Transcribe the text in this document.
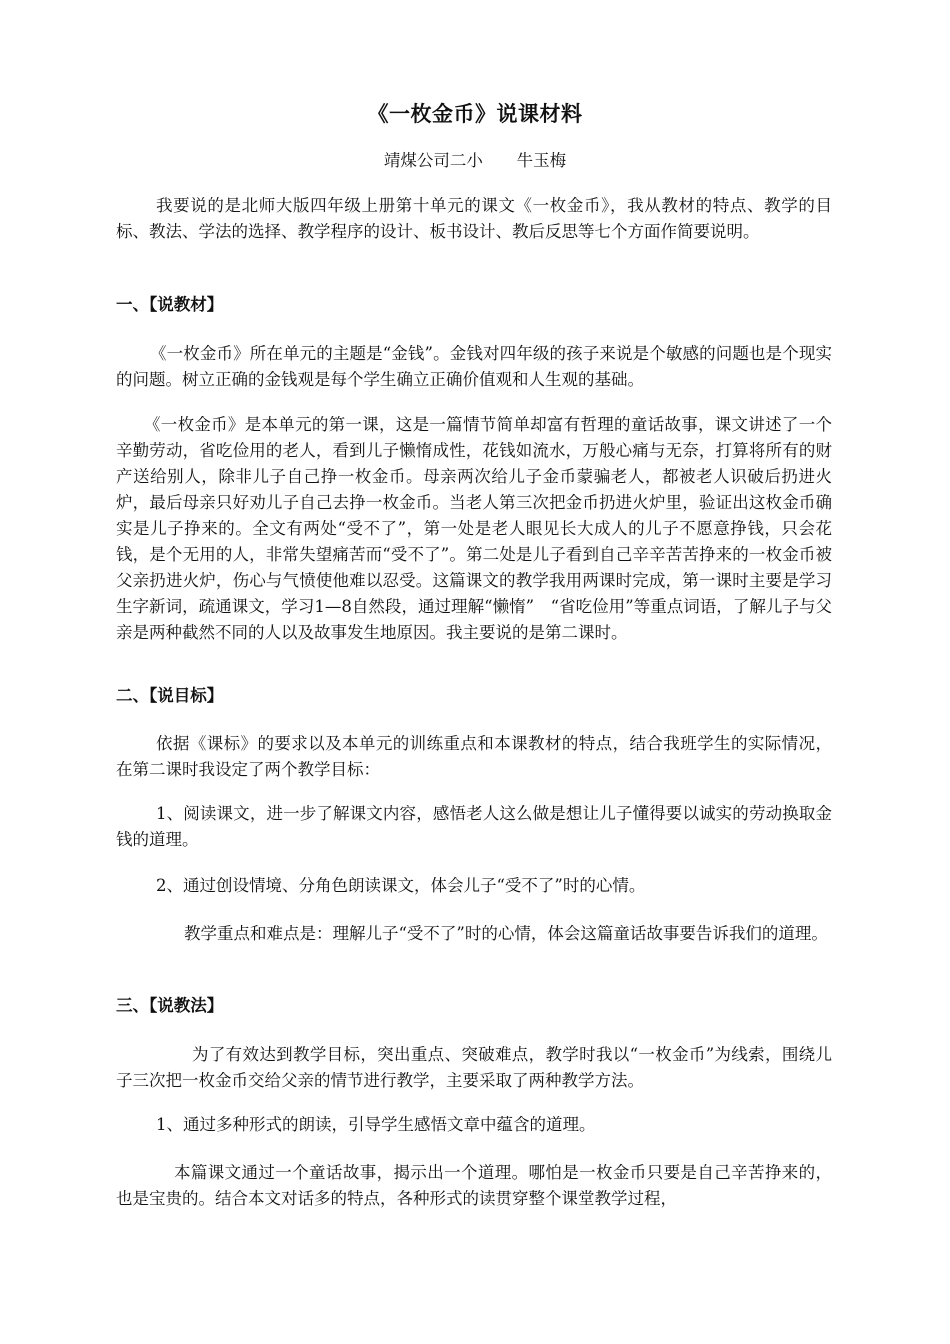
《一枚金币》说课材料
靖煤公司二小   牛玉梅
我要说的是北师大版四年级上册第十单元的课文《一枚金币》，我从教材的特点、教学的目标、教法、学法的选择、教学程序的设计、板书设计、教后反思等七个方面作简要说明。
一、【说教材】
《一枚金币》所在单元的主题是“金钱”。金钱对四年级的孩子来说是个敏感的问题也是个现实的问题。树立正确的金钱观是每个学生确立正确价值观和人生观的基础。
《一枚金币》是本单元的第一课，这是一篇情节简单却富有哲理的童话故事，课文讲述了一个辛勤劳动，省吃俭用的老人，看到儿子懒惰成性，花钱如流水，万般心痛与无奈，打算将所有的财产送给别人，除非儿子自己挣一枚金币。母亲两次给儿子金币蒙骗老人，都被老人识破后扔进火炉，最后母亲只好劝儿子自己去挣一枚金币。当老人第三次把金币扔进火炉里，验证出这枚金币确实是儿子挣来的。全文有两处“受不了”，第一处是老人眼见长大成人的儿子不愿意挣钱，只会花钱，是个无用的人，非常失望痛苦而“受不了”。第二处是儿子看到自己辛辛苦苦挣来的一枚金币被父亲扔进火炉，伤心与气愤使他难以忍受。这篇课文的教学我用两课时完成，第一课时主要是学习生字新词，疏通课文，学习1—8自然段，通过理解“懒惰”　“省吃俭用”等重点词语，了解儿子与父亲是两种截然不同的人以及故事发生地原因。我主要说的是第二课时。
二、【说目标】
依据《课标》的要求以及本单元的训练重点和本课教材的特点，结合我班学生的实际情况，在第二课时我设定了两个教学目标：
1、阅读课文，进一步了解课文内容，感悟老人这么做是想让儿子懂得要以诚实的劳动换取金钱的道理。
2、通过创设情境、分角色朗读课文，体会儿子“受不了”时的心情。
教学重点和难点是：理解儿子“受不了”时的心情，体会这篇童话故事要告诉我们的道理。
三、【说教法】
为了有效达到教学目标，突出重点、突破难点，教学时我以“一枚金币”为线索，围绕儿子三次把一枚金币交给父亲的情节进行教学，主要采取了两种教学方法。
1、通过多种形式的朗读，引导学生感悟文章中蕴含的道理。
本篇课文通过一个童话故事，揭示出一个道理。哪怕是一枚金币只要是自己辛苦挣来的，也是宝贵的。结合本文对话多的特点，各种形式的读贯穿整个课堂教学过程，
